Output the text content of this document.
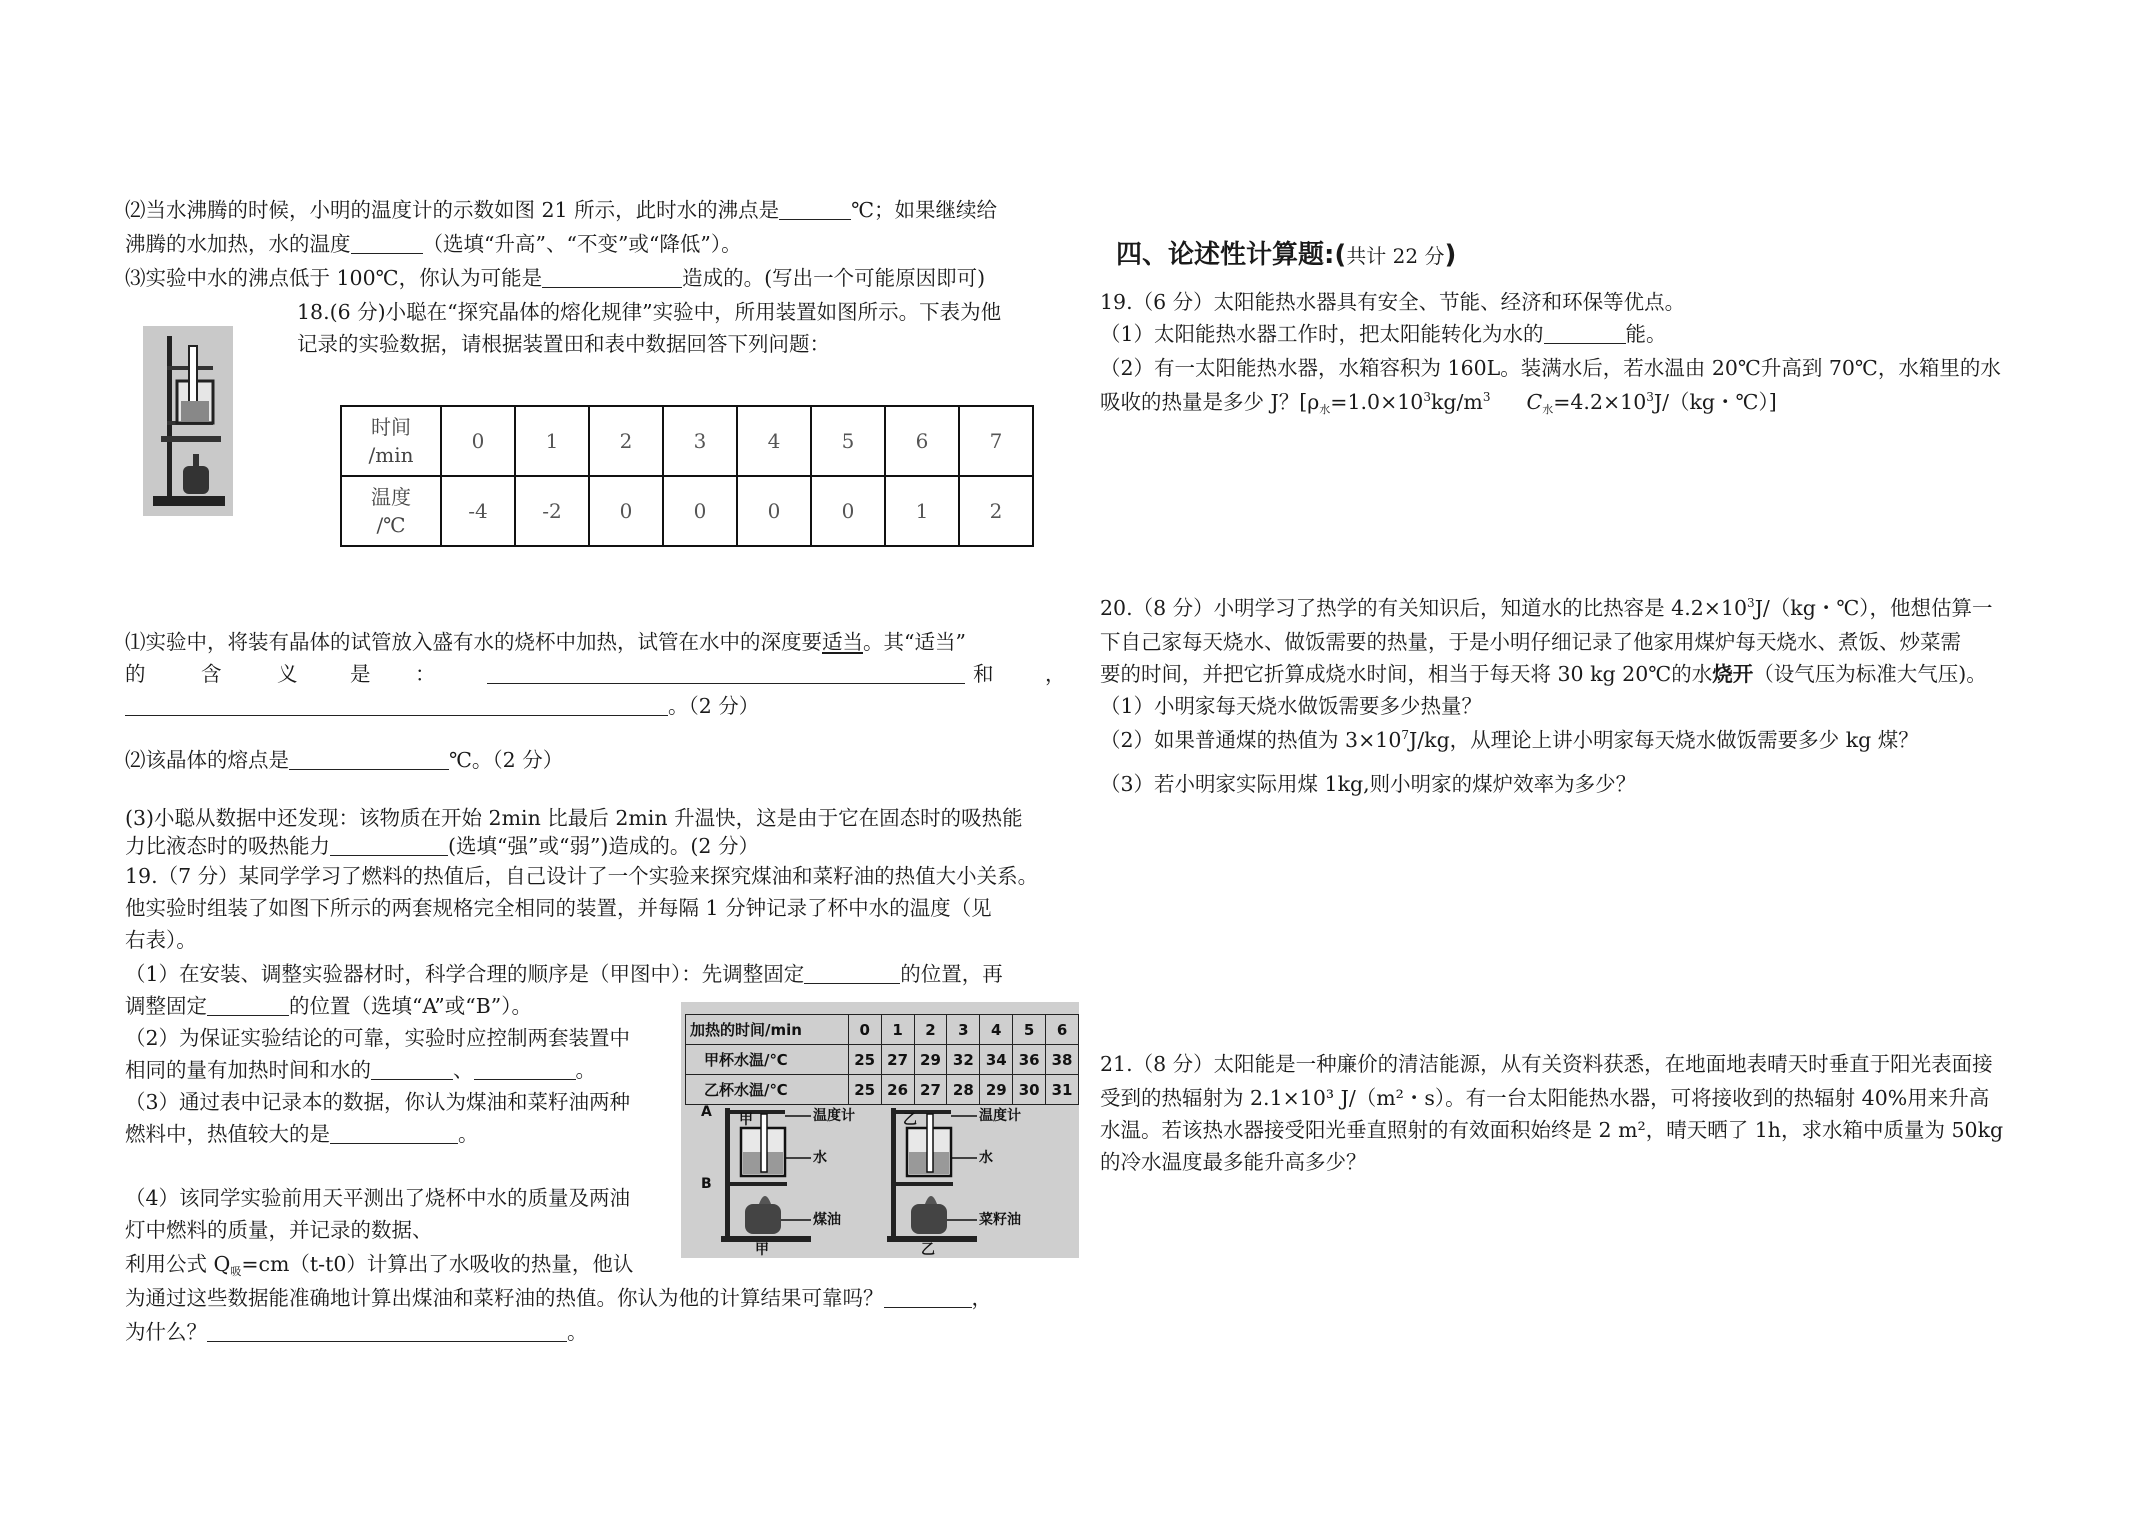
⑵当水沸腾的时候，小明的温度计的示数如图 21 所示，此时水的沸点是	℃；如果继续给
沸腾的水加热，水的温度	（选填“升高”、“不变”或“降低”）。
⑶实验中水的沸点低于 100℃，你认为可能是	造成的。(写出一个可能原因即可)
18.(6 分)小聪在“探究晶体的熔化规律”实验中，所用装置如图所示。下表为他
记录的实验数据，请根据装置田和表中数据回答下列问题：
时间
/min	0	1	2	3	4	5	6	7
温度
/℃	-4	-2	0	0	0	0	1	2
⑴实验中，将装有晶体的试管放入盛有水的烧杯中加热，试管在水中的深度要适当。其“适当”
的	含	义	是 ：	和	，
。（2 分）
⑵该晶体的熔点是	℃。（2 分）
(3)小聪从数据中还发现：该物质在开始 2min 比最后 2min 升温快，这是由于它在固态时的吸热能
力比液态时的吸热能力	(选填“强”或“弱”)造成的。(2 分）
19.（7 分）某同学学习了燃料的热值后，自己设计了一个实验来探究煤油和菜籽油的热值大小关系。
他实验时组装了如图下所示的两套规格完全相同的装置，并每隔 1 分钟记录了杯中水的温度（见
右表）。
（1）在安装、调整实验器材时，科学合理的顺序是（甲图中）：先调整固定	的位置，再
调整固定	的位置（选填“A”或“B”）。
（2）为保证实验结论的可靠，实验时应控制两套装置中
相同的量有加热时间和水的	、	。
（3）通过表中记录本的数据，你认为煤油和菜籽油两种
燃料中，热值较大的是	。
（4）该同学实验前用天平测出了烧杯中水的质量及两油
灯中燃料的质量，并记录的数据、
利用公式 $Q_吸=cm(t-t0)$计算出了水吸收的热量，他认
为通过这些数据能准确地计算出煤油和菜籽油的热值。你认为他的计算结果可靠吗？	，
为什么？	。
加热的时间/min	0	1	2	3	4	5	6
甲杯水温/℃	25	27	29	32	34	36	38
乙杯水温/℃	25	26	27	28	29	30	31
A
B
甲	温度计
水
煤油
甲
乙	温度计
水
菜籽油
乙
四、论述性计算题:(共计 22 分)
19.（6 分）太阳能热水器具有安全、节能、经济和环保等优点。
（1）太阳能热水器工作时，把太阳能转化为水的	能。
（2）有一太阳能热水器，水箱容积为 160L。装满水后，若水温由 20℃升高到 70℃，水箱里的水
吸收的热量是多少 J？[$\rho_水=1.0\times 10^3kg/m^3$ $C_水=4.2\times 10^3J/(kg$・℃）]
20.（8 分）小明学习了热学的有关知识后，知道水的比热容是 $4.2\times 10^3J/(kg$・℃），他想估算一
下自己家每天烧水、做饭需要的热量，于是小明仔细记录了他家用煤炉每天烧水、煮饭、炒菜需
要的时间，并把它折算成烧水时间，相当于每天将 30 kg 20℃的水烧开（设气压为标准大气压)。
（1）小明家每天烧水做饭需要多少热量？
（2）如果普通煤的热值为 $3\times 10^7J/kg$，从理论上讲小明家每天烧水做饭需要多少 kg 煤？
（3）若小明家实际用煤 1kg,则小明家的煤炉效率为多少？
21.（8 分）太阳能是一种廉价的清洁能源，从有关资料获悉，在地面地表晴天时垂直于阳光表面接
受到的热辐射为 2.1×10³ J/（m²・s）。有一台太阳能热水器，可将接收到的热辐射 40%用来升高
水温。若该热水器接受阳光垂直照射的有效面积始终是 2 m²，晴天晒了 1h，求水箱中质量为 50kg
的冷水温度最多能升高多少？
